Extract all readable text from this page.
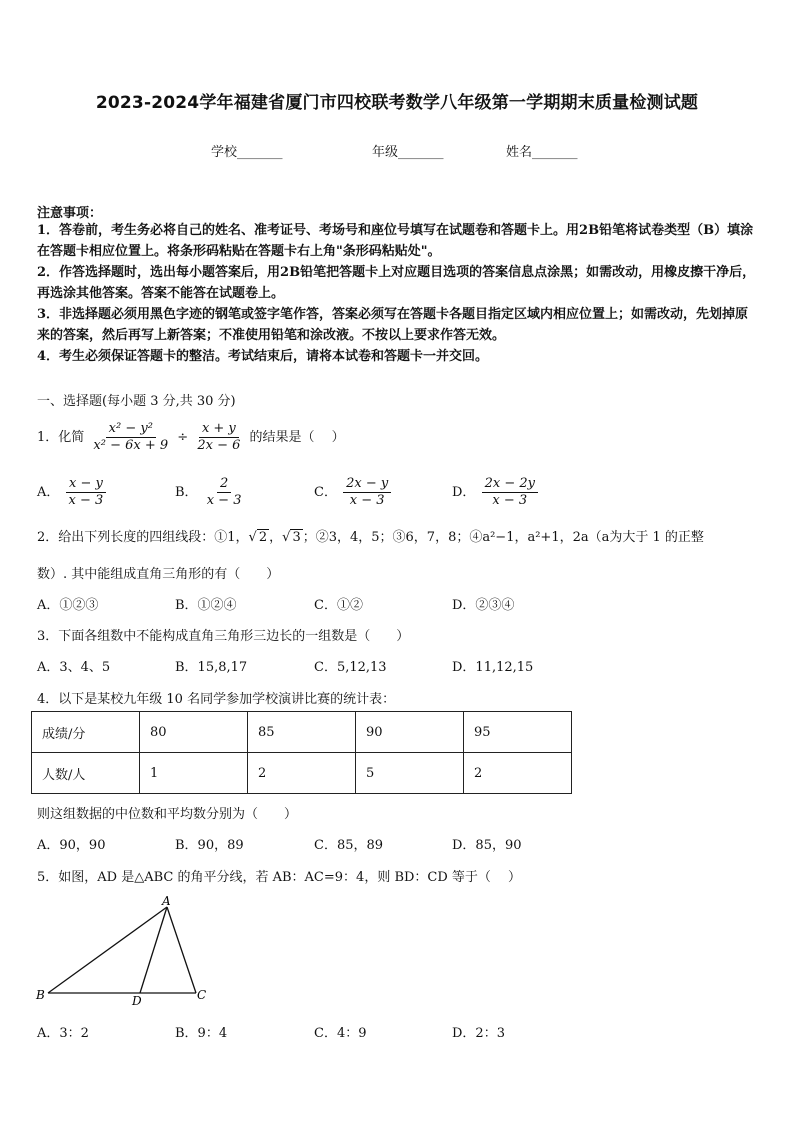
2023-2024学年福建省厦门市四校联考数学八年级第一学期期末质量检测试题
学校_______	年级_______	姓名_______
注意事项：
1．答卷前，考生务必将自己的姓名、准考证号、考场号和座位号填写在试题卷和答题卡上。用2B铅笔将试卷类型（B）填涂在答题卡相应位置上。将条形码粘贴在答题卡右上角"条形码粘贴处"。
2．作答选择题时，选出每小题答案后，用2B铅笔把答题卡上对应题目选项的答案信息点涂黑；如需改动，用橡皮擦干净后，再选涂其他答案。答案不能答在试题卷上。
3．非选择题必须用黑色字迹的钢笔或签字笔作答，答案必须写在答题卡各题目指定区域内相应位置上；如需改动，先划掉原来的答案，然后再写上新答案；不准使用铅笔和涂改液。不按以上要求作答无效。
4．考生必须保证答题卡的整洁。考试结束后，请将本试卷和答题卡一并交回。
一、选择题(每小题 3 分,共 30 分)
1．化简 $\frac{\text{x² − y²}}{\text{x² − 6x + 9}} \div \frac{x + y}{2x - 6}$ 的结果是（　 ）
A． $\frac{x - y}{x - 3}$	B． $\frac{2}{x - 3}$	C． $\frac{2x - y}{x - 3}$	D． $\frac{2x - 2y}{x - 3}$
2．给出下列长度的四组线段：①1，√ 2 ，√ 3 ；②3，4，5；③6，7，8；④a²−1，a²+1，2a（a为大于 1 的正整
数）. 其中能组成直角三角形的有（　　）
A．①②③	B．①②④	C．①②	D．②③④
3．下面各组数中不能构成直角三角形三边长的一组数是（　　）
A．3、4、5	B．15,8,17	C．5,12,13	D．11,12,15
4．以下是某校九年级 10 名同学参加学校演讲比赛的统计表：
成绩/分	80	85	90	95
人数/人	1	2	5	2
则这组数据的中位数和平均数分别为（　　）
A．90，90	B．90，89	C．85，89	D．85，90
5．如图，AD 是△ABC 的角平分线，若 AB：AC=9：4，则 BD：CD 等于（　 ）
A
B	D	C
A．3：2	B．9：4	C．4：9	D．2：3
